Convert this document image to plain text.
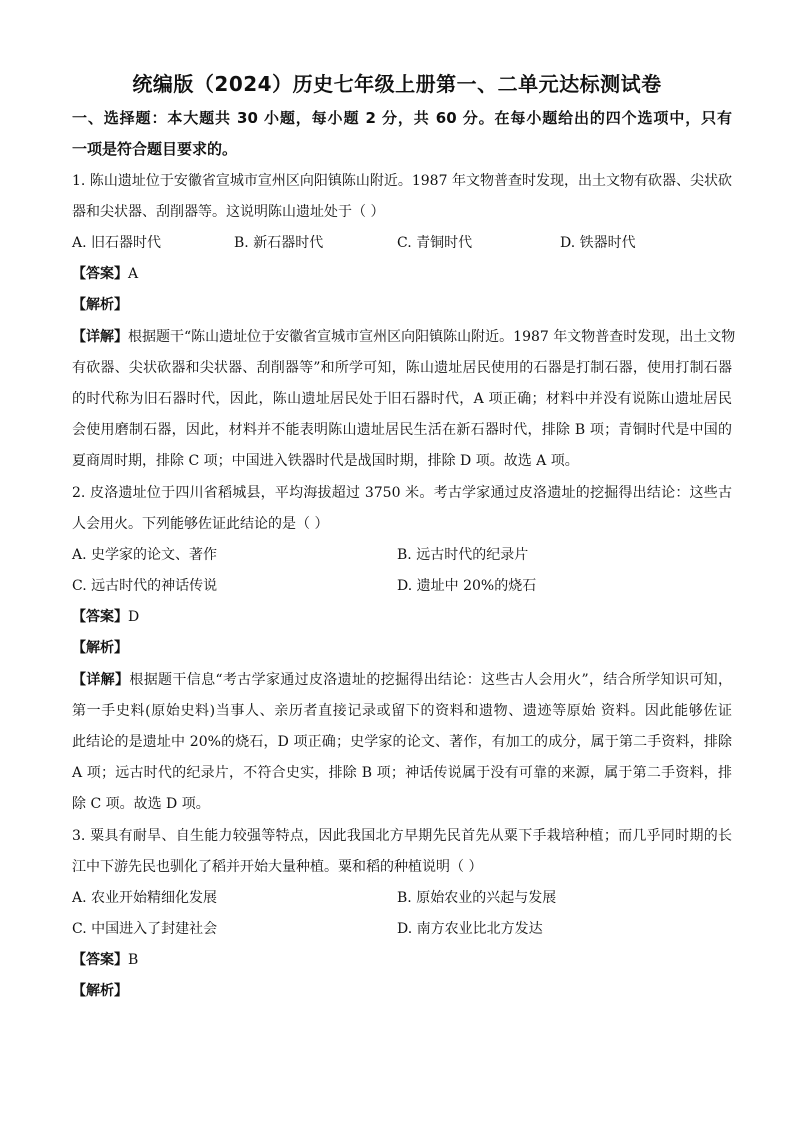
统编版（2024）历史七年级上册第一、二单元达标测试卷
一、选择题：本大题共 30 小题，每小题 2 分，共 60 分。在每小题给出的四个选项中，只有
一项是符合题目要求的。
1. 陈山遗址位于安徽省宣城市宣州区向阳镇陈山附近。1987 年文物普查时发现，出土文物有砍器、尖状砍
器和尖状器、刮削器等。这说明陈山遗址处于（ ）
A. 旧石器时代	B. 新石器时代	C. 青铜时代	D. 铁器时代
【答案】A
【解析】
【详解】根据题干“陈山遗址位于安徽省宣城市宣州区向阳镇陈山附近。1987 年文物普查时发现，出土文物
有砍器、尖状砍器和尖状器、刮削器等”和所学可知，陈山遗址居民使用的石器是打制石器，使用打制石器
的时代称为旧石器时代，因此，陈山遗址居民处于旧石器时代，A 项正确；材料中并没有说陈山遗址居民
会使用磨制石器，因此，材料并不能表明陈山遗址居民生活在新石器时代，排除 B 项；青铜时代是中国的
夏商周时期，排除 C 项；中国进入铁器时代是战国时期，排除 D 项。故选 A 项。
2. 皮洛遗址位于四川省稻城县，平均海拔超过 3750 米。考古学家通过皮洛遗址的挖掘得出结论：这些古
人会用火。下列能够佐证此结论的是（ ）
A. 史学家的论文、著作	B. 远古时代的纪录片
C. 远古时代的神话传说	D. 遗址中 20%的烧石
【答案】D
【解析】
【详解】根据题干信息“考古学家通过皮洛遗址的挖掘得出结论：这些古人会用火”，结合所学知识可知，
第一手史料(原始史料)当事人、亲历者直接记录或留下的资料和遗物、遗迹等原始 资料。因此能够佐证
此结论的是遗址中 20%的烧石，D 项正确；史学家的论文、著作，有加工的成分，属于第二手资料，排除
A 项；远古时代的纪录片，不符合史实，排除 B 项；神话传说属于没有可靠的来源，属于第二手资料，排
除 C 项。故选 D 项。
3. 粟具有耐旱、自生能力较强等特点，因此我国北方早期先民首先从粟下手栽培种植；而几乎同时期的长
江中下游先民也驯化了稻并开始大量种植。粟和稻的种植说明（ ）
A. 农业开始精细化发展	B. 原始农业的兴起与发展
C. 中国进入了封建社会	D. 南方农业比北方发达
【答案】B
【解析】
